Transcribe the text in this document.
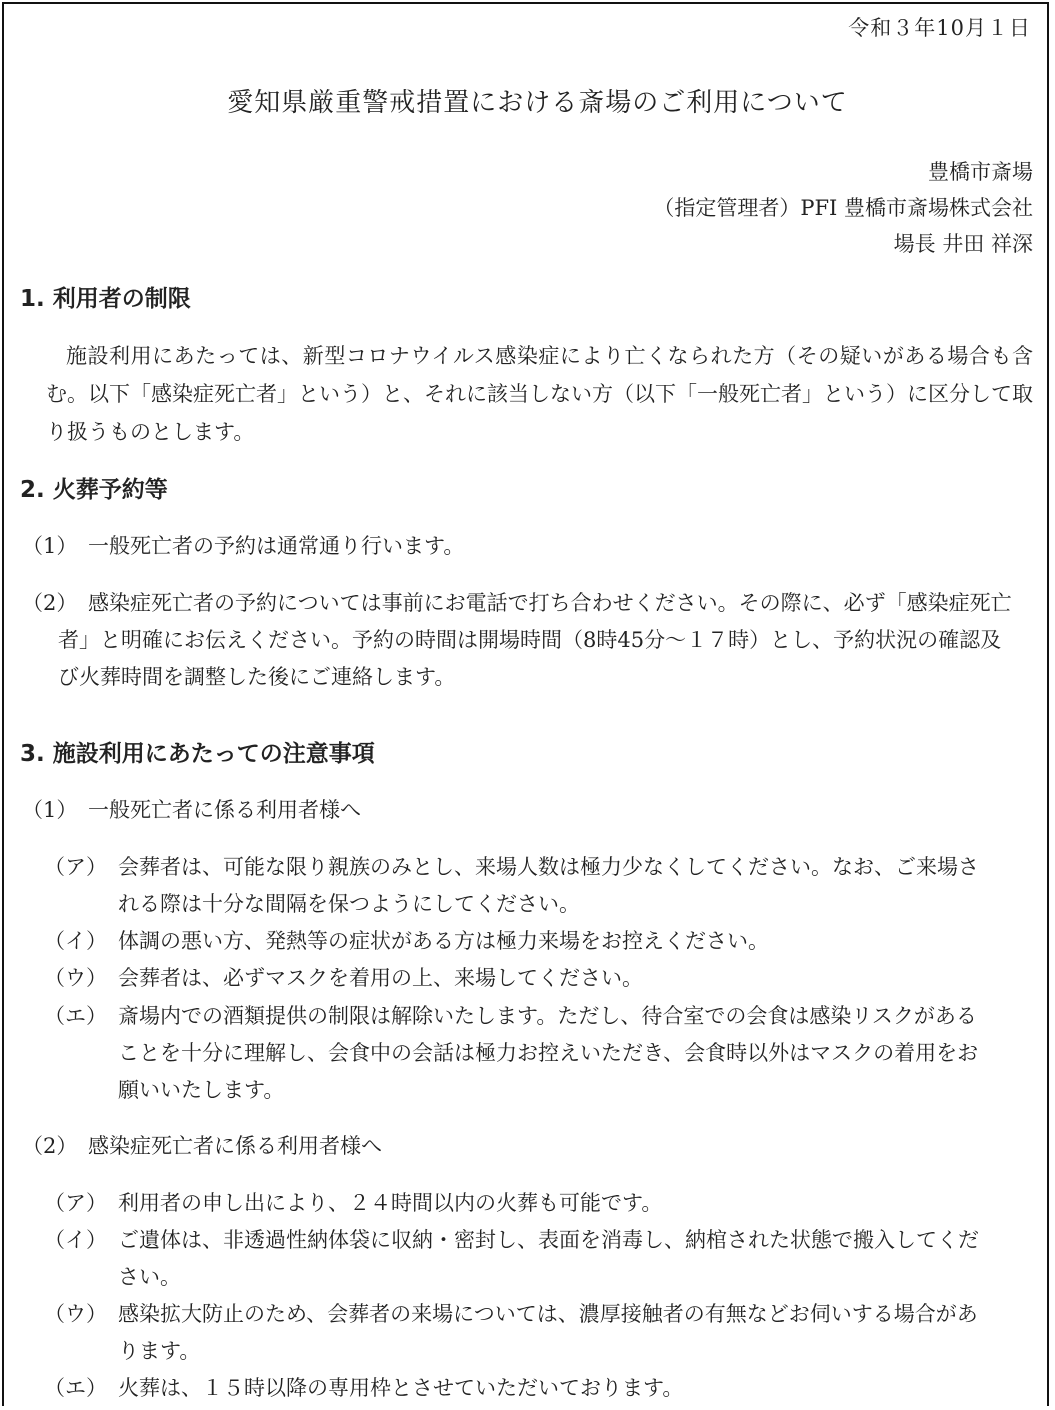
令和３年10月１日
愛知県厳重警戒措置における斎場のご利用について
豊橋市斎場
（指定管理者）PFI 豊橋市斎場株式会社
場長 井田 祥深
1. 利用者の制限
施設利用にあたっては、新型コロナウイルス感染症により亡くなられた方（その疑いがある場合も含む。以下「感染症死亡者」という）と、それに該当しない方（以下「一般死亡者」という）に区分して取り扱うものとします。
2. 火葬予約等
（1） 一般死亡者の予約は通常通り行います。
（2） 感染症死亡者の予約については事前にお電話で打ち合わせください。その際に、必ず「感染症死亡
者」と明確にお伝えください。予約の時間は開場時間（8時45分～１７時）とし、予約状況の確認及
び火葬時間を調整した後にご連絡します。
3. 施設利用にあたっての注意事項
（1） 一般死亡者に係る利用者様へ
（ア） 会葬者は、可能な限り親族のみとし、来場人数は極力少なくしてください。なお、ご来場さ
れる際は十分な間隔を保つようにしてください。
（イ） 体調の悪い方、発熱等の症状がある方は極力来場をお控えください。
（ウ） 会葬者は、必ずマスクを着用の上、来場してください。
（エ） 斎場内での酒類提供の制限は解除いたします。ただし、待合室での会食は感染リスクがある
ことを十分に理解し、会食中の会話は極力お控えいただき、会食時以外はマスクの着用をお
願いいたします。
（2） 感染症死亡者に係る利用者様へ
（ア） 利用者の申し出により、２４時間以内の火葬も可能です。
（イ） ご遺体は、非透過性納体袋に収納・密封し、表面を消毒し、納棺された状態で搬入してくだ
さい。
（ウ） 感染拡大防止のため、会葬者の来場については、濃厚接触者の有無などお伺いする場合があ
ります。
（エ） 火葬は、１５時以降の専用枠とさせていただいております。
